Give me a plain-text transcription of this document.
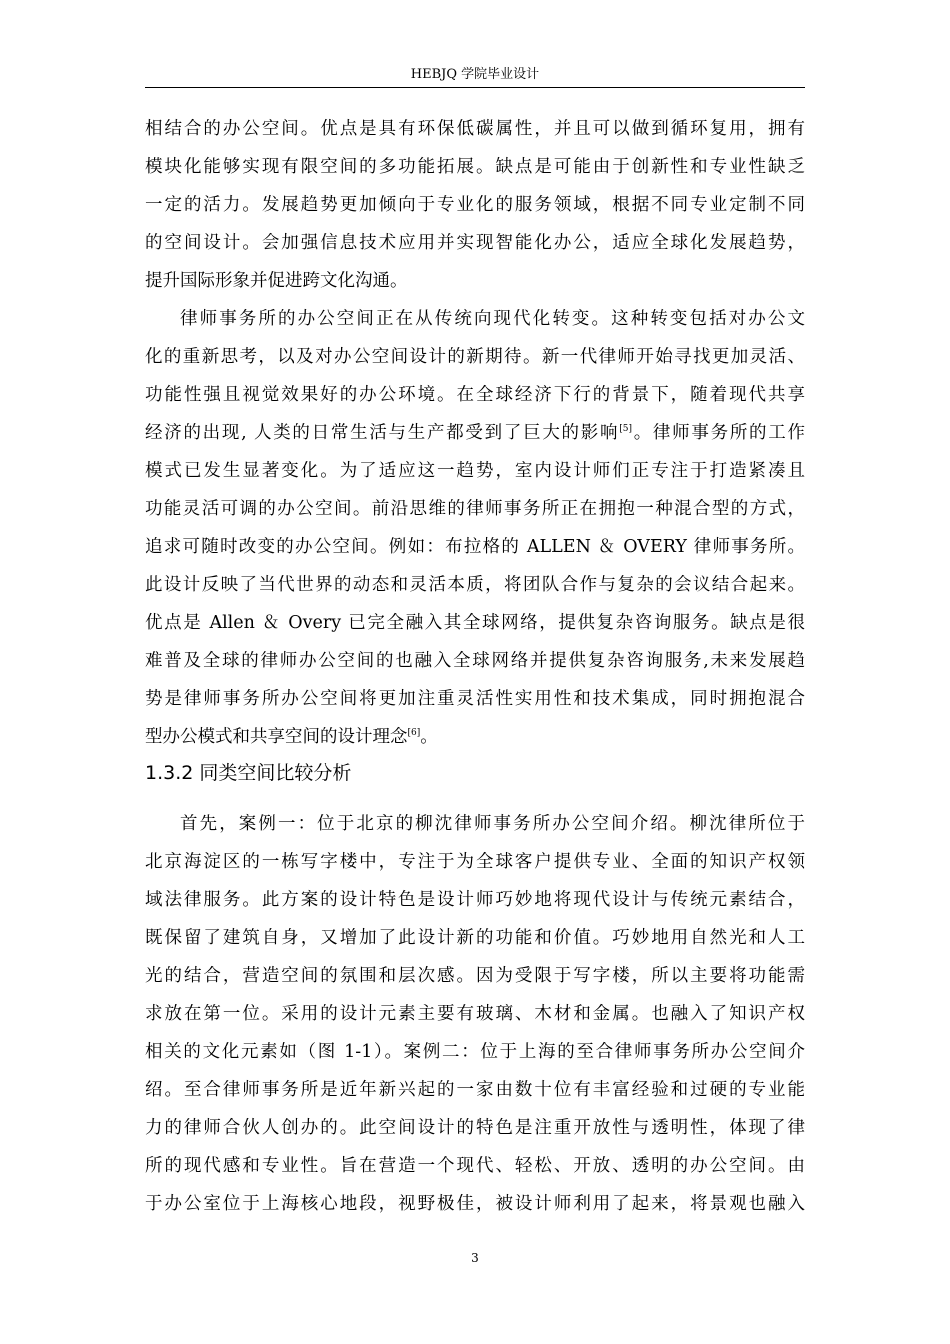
HEBJQ 学院毕业设计
相结合的办公空间。优点是具有环保低碳属性，并且可以做到循环复用，拥有
模块化能够实现有限空间的多功能拓展。缺点是可能由于创新性和专业性缺乏
一定的活力。发展趋势更加倾向于专业化的服务领域，根据不同专业定制不同
的空间设计。会加强信息技术应用并实现智能化办公，适应全球化发展趋势，
提升国际形象并促进跨文化沟通。
律师事务所的办公空间正在从传统向现代化转变。这种转变包括对办公文
化的重新思考，以及对办公空间设计的新期待。新一代律师开始寻找更加灵活、
功能性强且视觉效果好的办公环境。在全球经济下行的背景下，随着现代共享
经济的出现, 人类的日常生活与生产都受到了巨大的影响[5]。律师事务所的工作
模式已发生显著变化。为了适应这一趋势，室内设计师们正专注于打造紧凑且
功能灵活可调的办公空间。前沿思维的律师事务所正在拥抱一种混合型的方式，
追求可随时改变的办公空间。例如：布拉格的 ALLEN ＆ OVERY 律师事务所。
此设计反映了当代世界的动态和灵活本质，将团队合作与复杂的会议结合起来。
优点是 Allen ＆ Overy 已完全融入其全球网络，提供复杂咨询服务。缺点是很
难普及全球的律师办公空间的也融入全球网络并提供复杂咨询服务,未来发展趋
势是律师事务所办公空间将更加注重灵活性实用性和技术集成，同时拥抱混合
型办公模式和共享空间的设计理念[6]。
1.3.2 同类空间比较分析
首先，案例一：位于北京的柳沈律师事务所办公空间介绍。柳沈律所位于
北京海淀区的一栋写字楼中，专注于为全球客户提供专业、全面的知识产权领
域法律服务。此方案的设计特色是设计师巧妙地将现代设计与传统元素结合，
既保留了建筑自身，又增加了此设计新的功能和价值。巧妙地用自然光和人工
光的结合，营造空间的氛围和层次感。因为受限于写字楼，所以主要将功能需
求放在第一位。采用的设计元素主要有玻璃、木材和金属。也融入了知识产权
相关的文化元素如（图 1-1）。案例二：位于上海的至合律师事务所办公空间介
绍。至合律师事务所是近年新兴起的一家由数十位有丰富经验和过硬的专业能
力的律师合伙人创办的。此空间设计的特色是注重开放性与透明性，体现了律
所的现代感和专业性。旨在营造一个现代、轻松、开放、透明的办公空间。由
于办公室位于上海核心地段，视野极佳，被设计师利用了起来，将景观也融入
3
